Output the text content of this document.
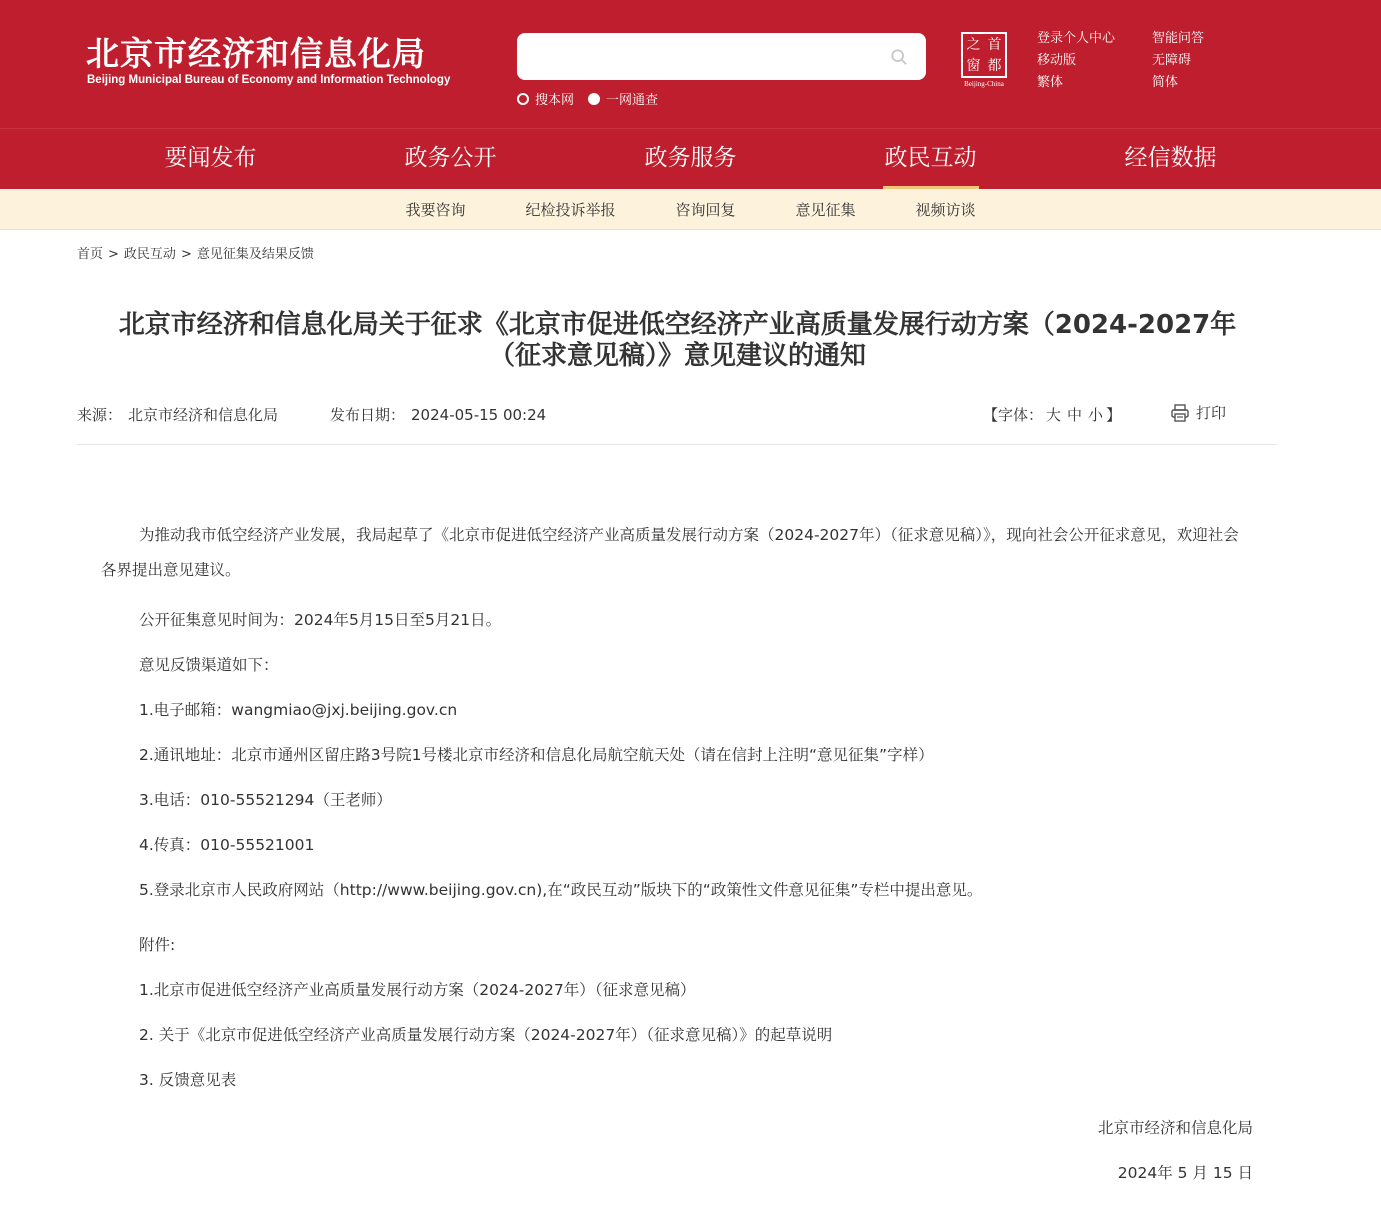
北京市经济和信息化局
Beijing Municipal Bureau of Economy and Information Technology
搜本网 一网通查
之 首
窗 都
Beijing-China
登录个人中心	智能问答
移动版	无障碍
繁体	简体
要闻发布	政务公开	政务服务	政民互动	经信数据
我要咨询	纪检投诉举报	咨询回复	意见征集	视频访谈
首页 > 政民互动 > 意见征集及结果反馈
北京市经济和信息化局关于征求《北京市促进低空经济产业高质量发展行动方案（2024-2027年
（征求意见稿）》意见建议的通知
来源： 北京市经济和信息化局	发布日期： 2024-05-15 00:24	【字体： 大 中 小 】	打印

为推动我市低空经济产业发展，我局起草了《北京市促进低空经济产业高质量发展行动方案（2024-2027年）（征求意见稿）》，现向社会公开征求意见，欢迎社会各界提出意见建议。

公开征集意见时间为：2024年5月15日至5月21日。

意见反馈渠道如下：

1.电子邮箱：wangmiao@jxj.beijing.gov.cn

2.通讯地址：北京市通州区留庄路3号院1号楼北京市经济和信息化局航空航天处（请在信封上注明“意见征集”字样）

3.电话：010-55521294（王老师）

4.传真：010-55521001

5.登录北京市人民政府网站（http://www.beijing.gov.cn),在“政民互动”版块下的“政策性文件意见征集”专栏中提出意见。

附件:

1.北京市促进低空经济产业高质量发展行动方案（2024-2027年）（征求意见稿）

2. 关于《北京市促进低空经济产业高质量发展行动方案（2024-2027年）（征求意见稿）》的起草说明

3. 反馈意见表

北京市经济和信息化局
2024年 5 月 15 日
